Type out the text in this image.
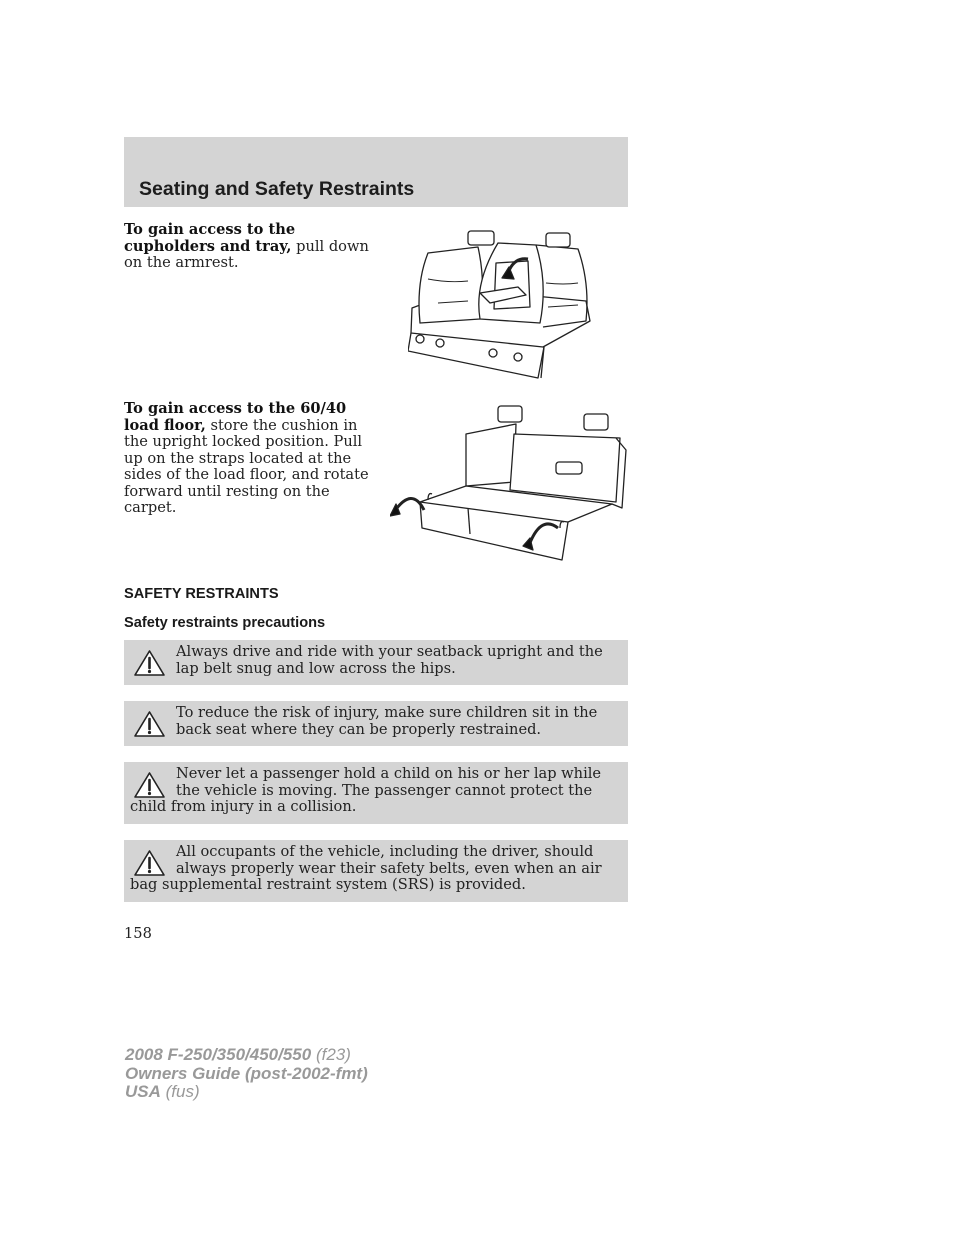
Seating and Safety Restraints

To gain access to the cupholders and tray, pull down on the armrest.

To gain access to the 60/40 load floor, store the cushion in the upright locked position. Pull up on the straps located at the sides of the load floor, and rotate forward until resting on the carpet.

SAFETY RESTRAINTS
Safety restraints precautions

Always drive and ride with your seatback upright and the lap belt snug and low across the hips.

To reduce the risk of injury, make sure children sit in the back seat where they can be properly restrained.

Never let a passenger hold a child on his or her lap while the vehicle is moving. The passenger cannot protect the child from injury in a collision.

All occupants of the vehicle, including the driver, should always properly wear their safety belts, even when an air bag supplemental restraint system (SRS) is provided.

158

2008 F-250/350/450/550 (f23)
Owners Guide (post-2002-fmt)
USA (fus)
